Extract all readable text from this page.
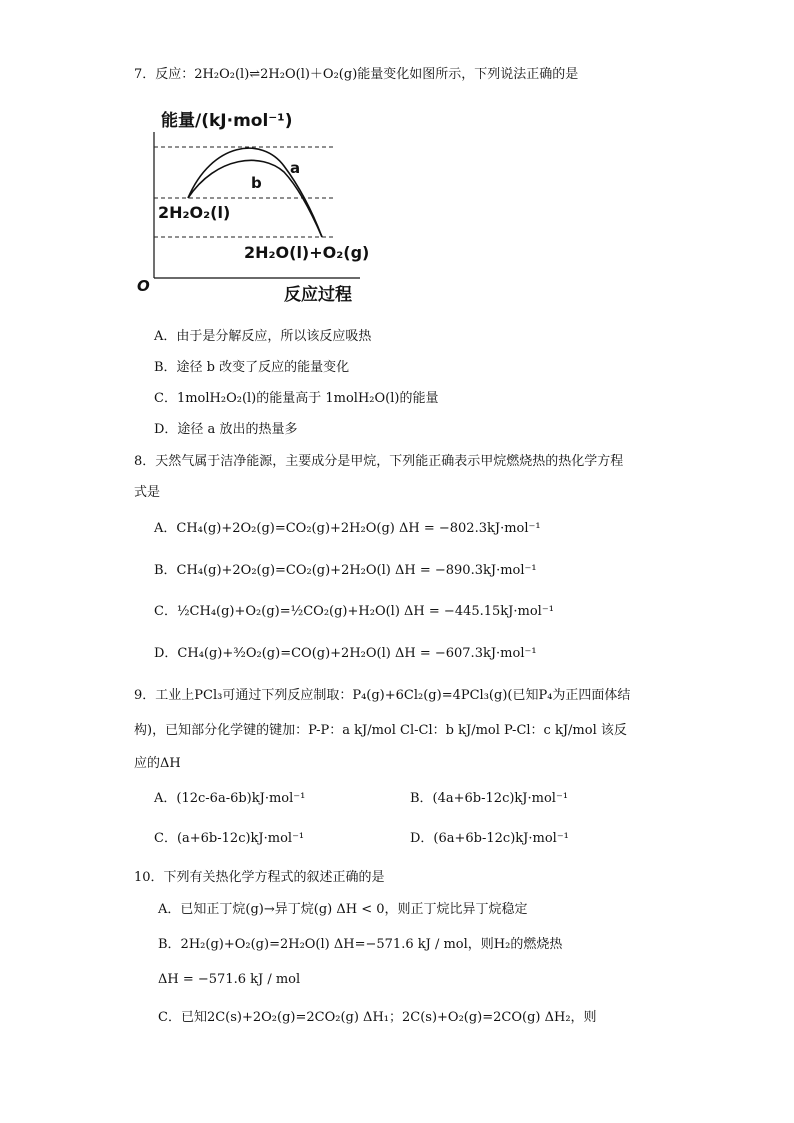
7．反应：2H₂O₂(l)⇌2H₂O(l)＋O₂(g)能量变化如图所示，下列说法正确的是
能量/(kJ·mol⁻¹)
a
b
2H₂O₂(l)
2H₂O(l)+O₂(g)
O	反应过程
A．由于是分解反应，所以该反应吸热
B．途径 b 改变了反应的能量变化
C．1molH₂O₂(l)的能量高于 1molH₂O(l)的能量
D．途径 a 放出的热量多
8．天然气属于洁净能源，主要成分是甲烷，下列能正确表示甲烷燃烧热的热化学方程
式是
A．CH₄(g)+2O₂(g)=CO₂(g)+2H₂O(g) ΔH = −802.3kJ·mol⁻¹
B．CH₄(g)+2O₂(g)=CO₂(g)+2H₂O(l) ΔH = −890.3kJ·mol⁻¹
C．½CH₄(g)+O₂(g)=½CO₂(g)+H₂O(l) ΔH = −445.15kJ·mol⁻¹
D．CH₄(g)+³⁄₂O₂(g)=CO(g)+2H₂O(l) ΔH = −607.3kJ·mol⁻¹
9．工业上PCl₃可通过下列反应制取：P₄(g)+6Cl₂(g)=4PCl₃(g)(已知P₄为正四面体结
构)，已知部分化学键的键加：P-P：a kJ/mol Cl-Cl：b kJ/mol P-Cl：c kJ/mol 该反
应的ΔH
A．(12c-6a-6b)kJ·mol⁻¹	B．(4a+6b-12c)kJ·mol⁻¹
C．(a+6b-12c)kJ·mol⁻¹	D．(6a+6b-12c)kJ·mol⁻¹
10．下列有关热化学方程式的叙述正确的是
A．已知正丁烷(g)→异丁烷(g) ΔH < 0，则正丁烷比异丁烷稳定
B．2H₂(g)+O₂(g)=2H₂O(l) ΔH=−571.6 kJ / mol，则H₂的燃烧热
ΔH = −571.6 kJ / mol
C．已知2C(s)+2O₂(g)=2CO₂(g) ΔH₁；2C(s)+O₂(g)=2CO(g) ΔH₂，则
